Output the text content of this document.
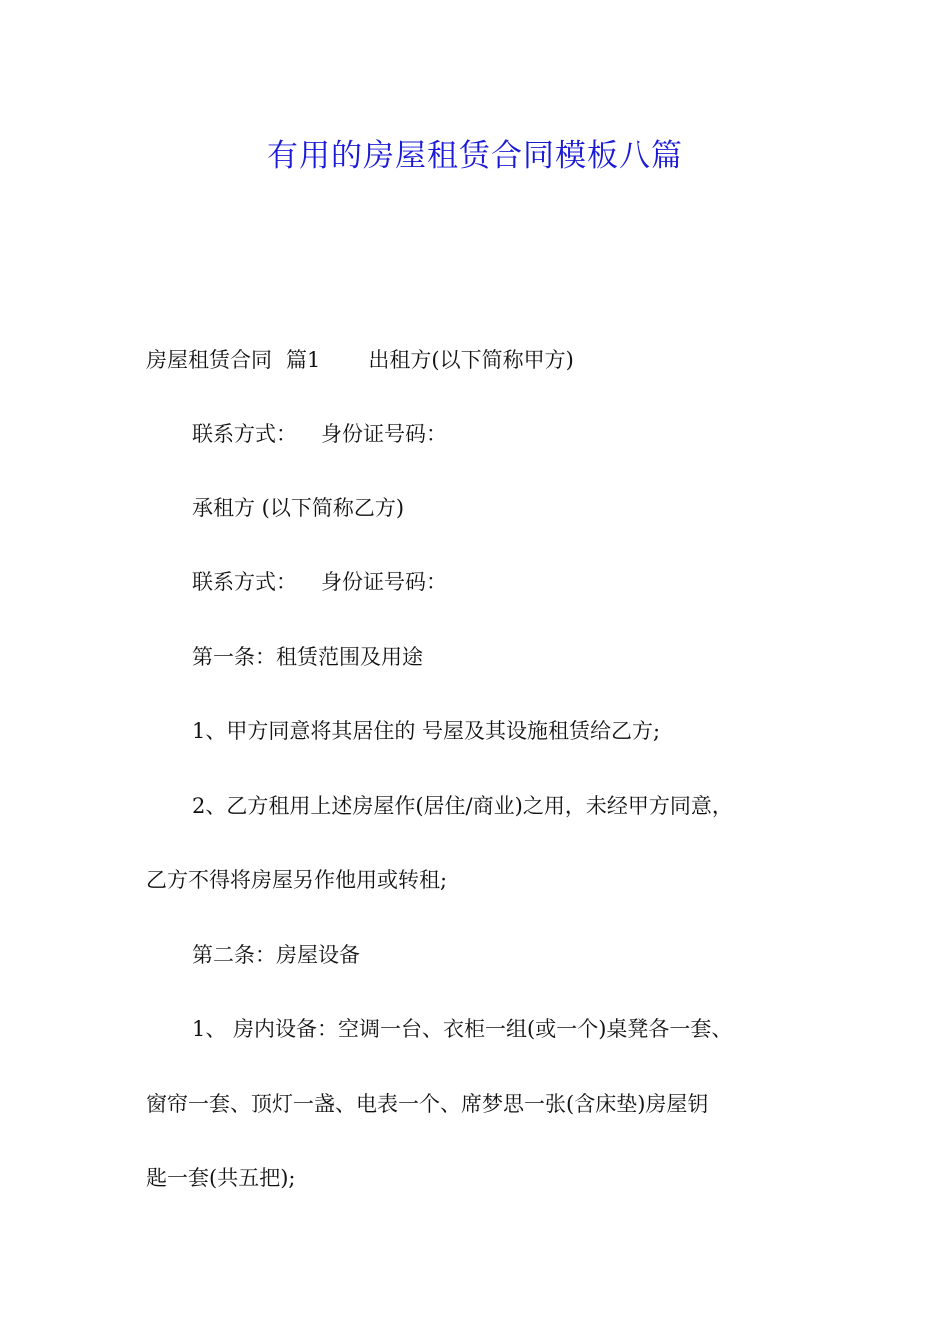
有用的房屋租赁合同模板八篇
房屋租赁合同 篇1 出租方(以下简称甲方)
联系方式： 身份证号码：
承租方 (以下简称乙方)
联系方式： 身份证号码：
第一条：租赁范围及用途
1、甲方同意将其居住的 号屋及其设施租赁给乙方;
2、乙方租用上述房屋作(居住/商业)之用，未经甲方同意，
乙方不得将房屋另作他用或转租;
第二条：房屋设备
1、 房内设备：空调一台、衣柜一组(或一个)桌凳各一套、
窗帘一套、顶灯一盏、电表一个、席梦思一张(含床垫)房屋钥
匙一套(共五把);
